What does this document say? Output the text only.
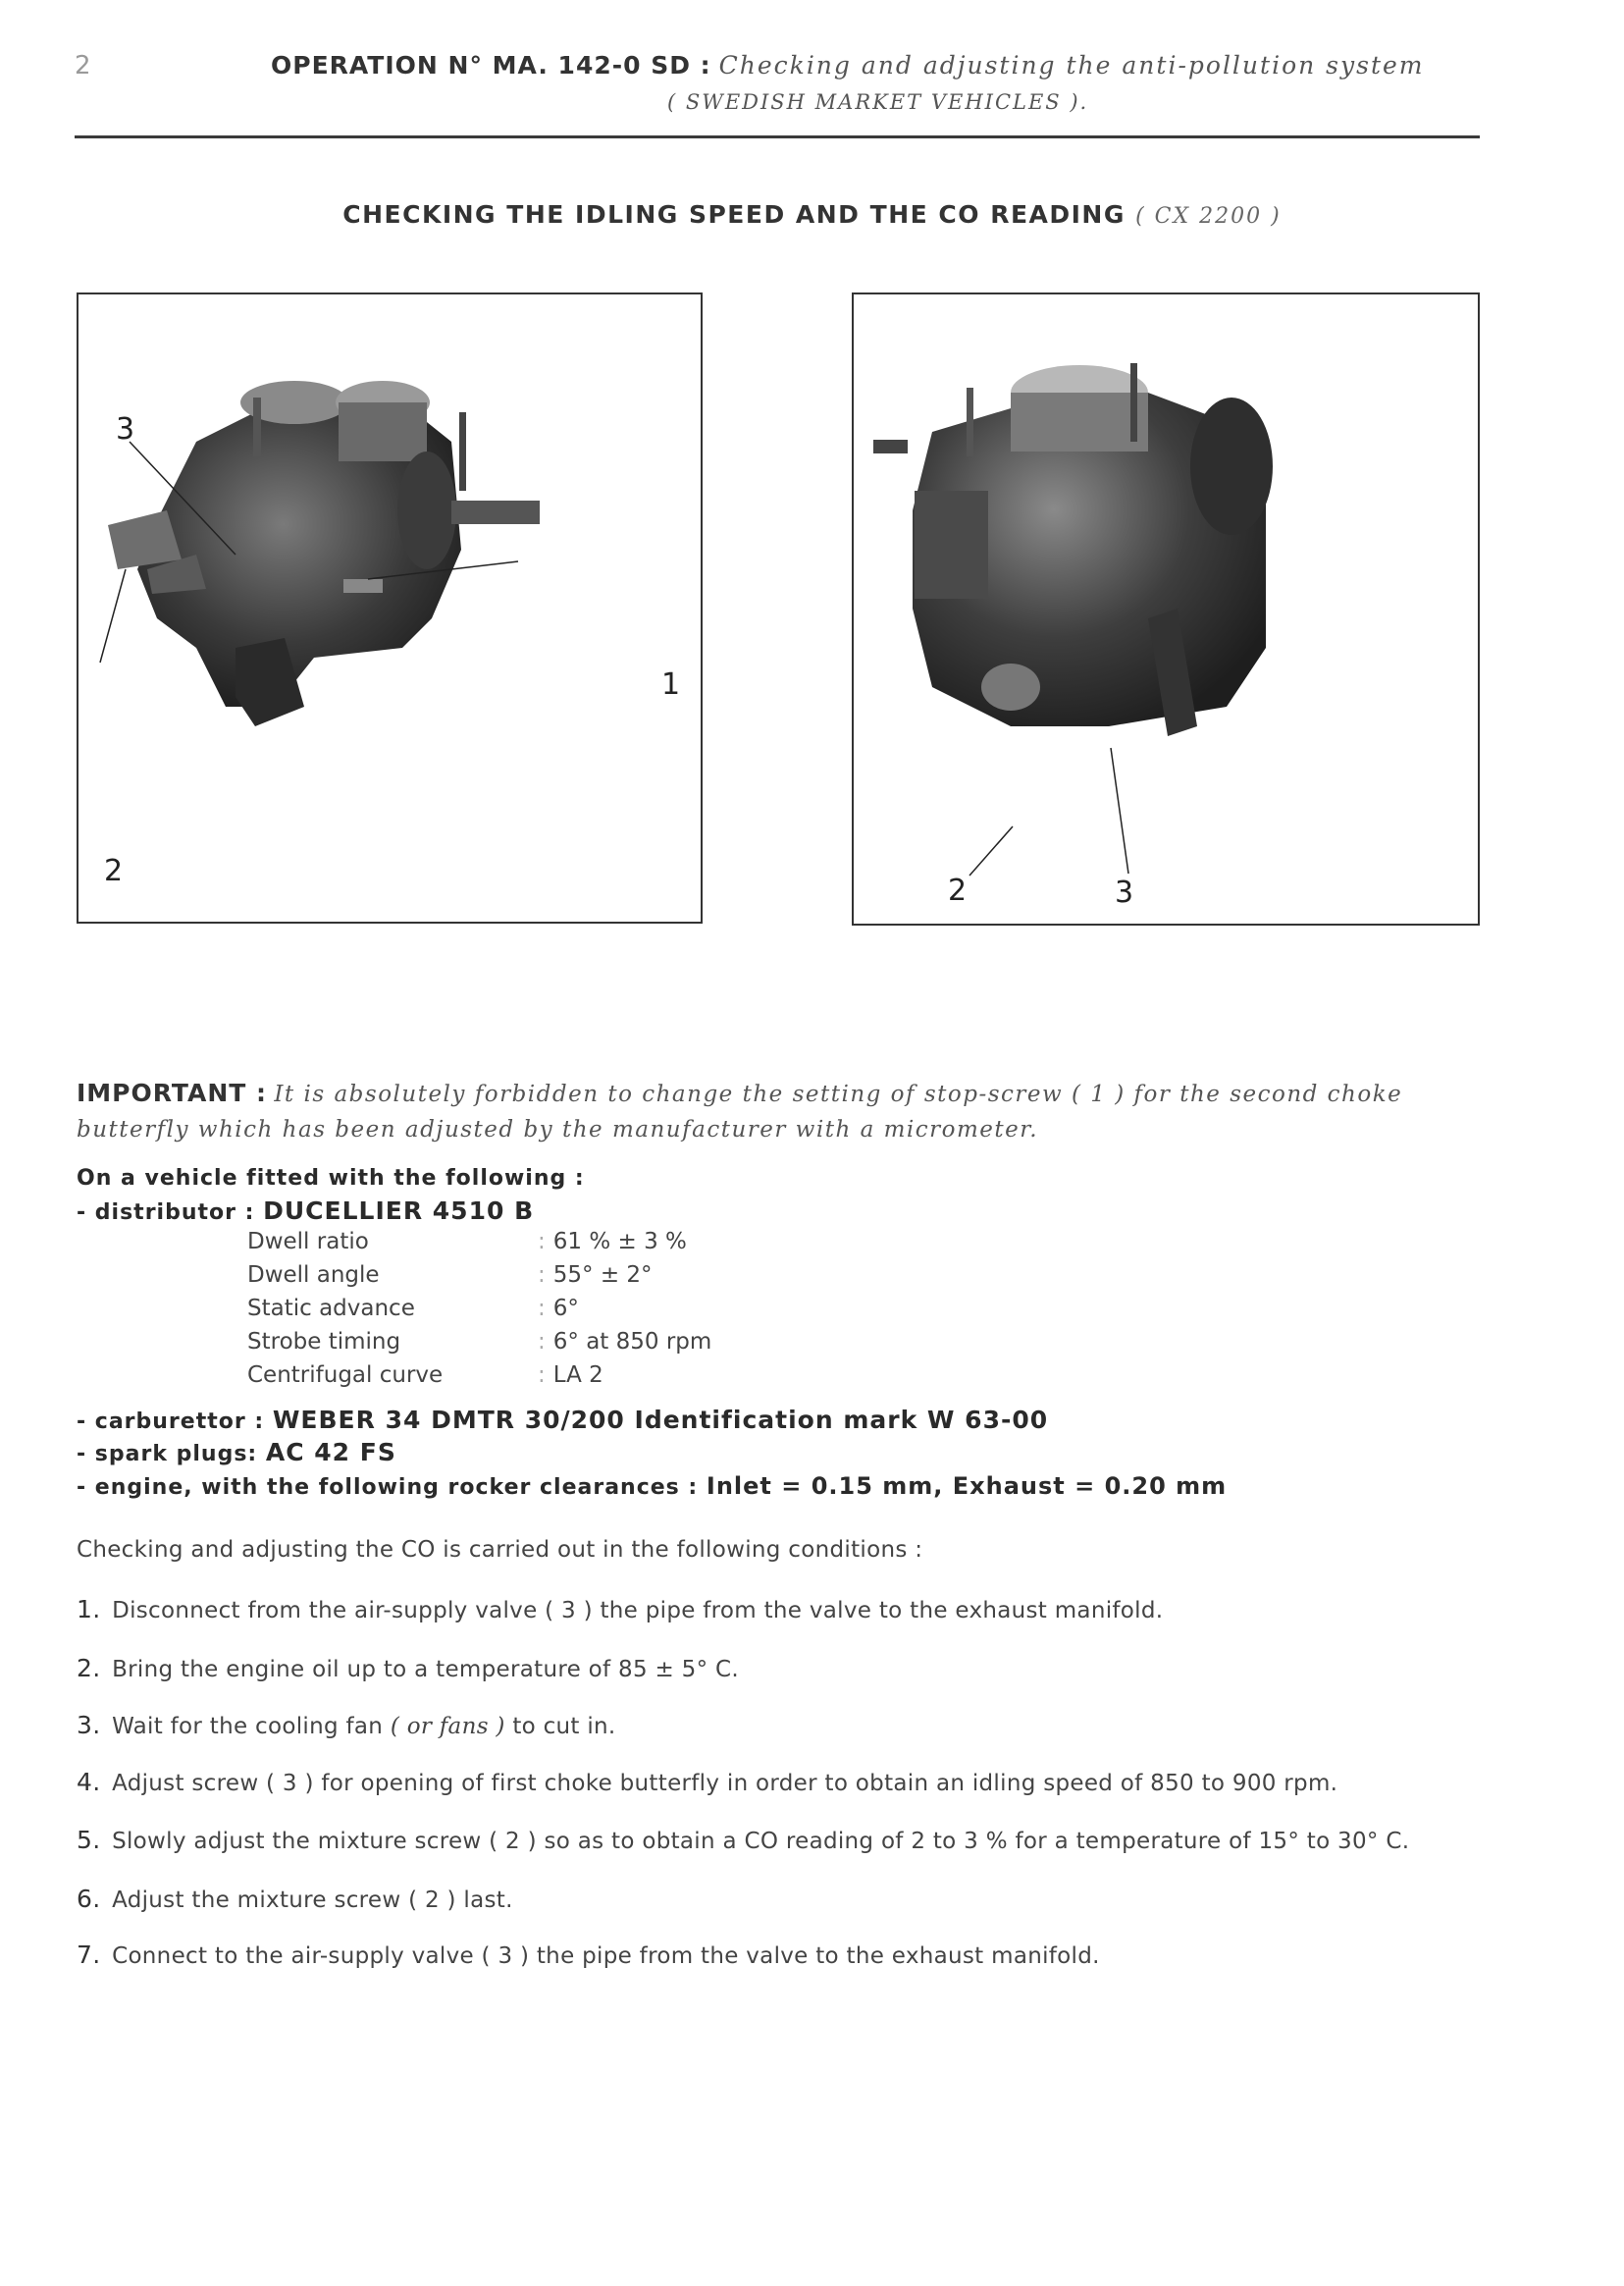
2	OPERATION N° MA. 142-0 SD : Checking and adjusting the anti-pollution system
( SWEDISH MARKET VEHICLES ).
CHECKING THE IDLING SPEED AND THE CO READING ( CX 2200 )
3
2
1
2	3
IMPORTANT : It is absolutely forbidden to change the setting of stop-screw ( 1 ) for the second choke butterfly which has been adjusted by the manufacturer with a micrometer.
On a vehicle fitted with the following :
- distributor : DUCELLIER 4510 B
Dwell ratio	: 61 % ± 3 %
Dwell angle	: 55° ± 2°
Static advance	: 6°
Strobe timing	: 6° at 850 rpm
Centrifugal curve	: LA 2
- carburettor : WEBER 34 DMTR 30/200 Identification mark W 63-00
- spark plugs: AC 42 FS
- engine, with the following rocker clearances : Inlet = 0.15 mm, Exhaust = 0.20 mm
Checking and adjusting the CO is carried out in the following conditions :
1. Disconnect from the air-supply valve ( 3 ) the pipe from the valve to the exhaust manifold.
2. Bring the engine oil up to a temperature of 85 ± 5° C.
3. Wait for the cooling fan ( or fans ) to cut in.
4. Adjust screw ( 3 ) for opening of first choke butterfly in order to obtain an idling speed of 850 to 900 rpm.
5. Slowly adjust the mixture screw ( 2 ) so as to obtain a CO reading of 2 to 3 % for a temperature of 15° to 30° C.
6. Adjust the mixture screw ( 2 ) last.
7. Connect to the air-supply valve ( 3 ) the pipe from the valve to the exhaust manifold.
